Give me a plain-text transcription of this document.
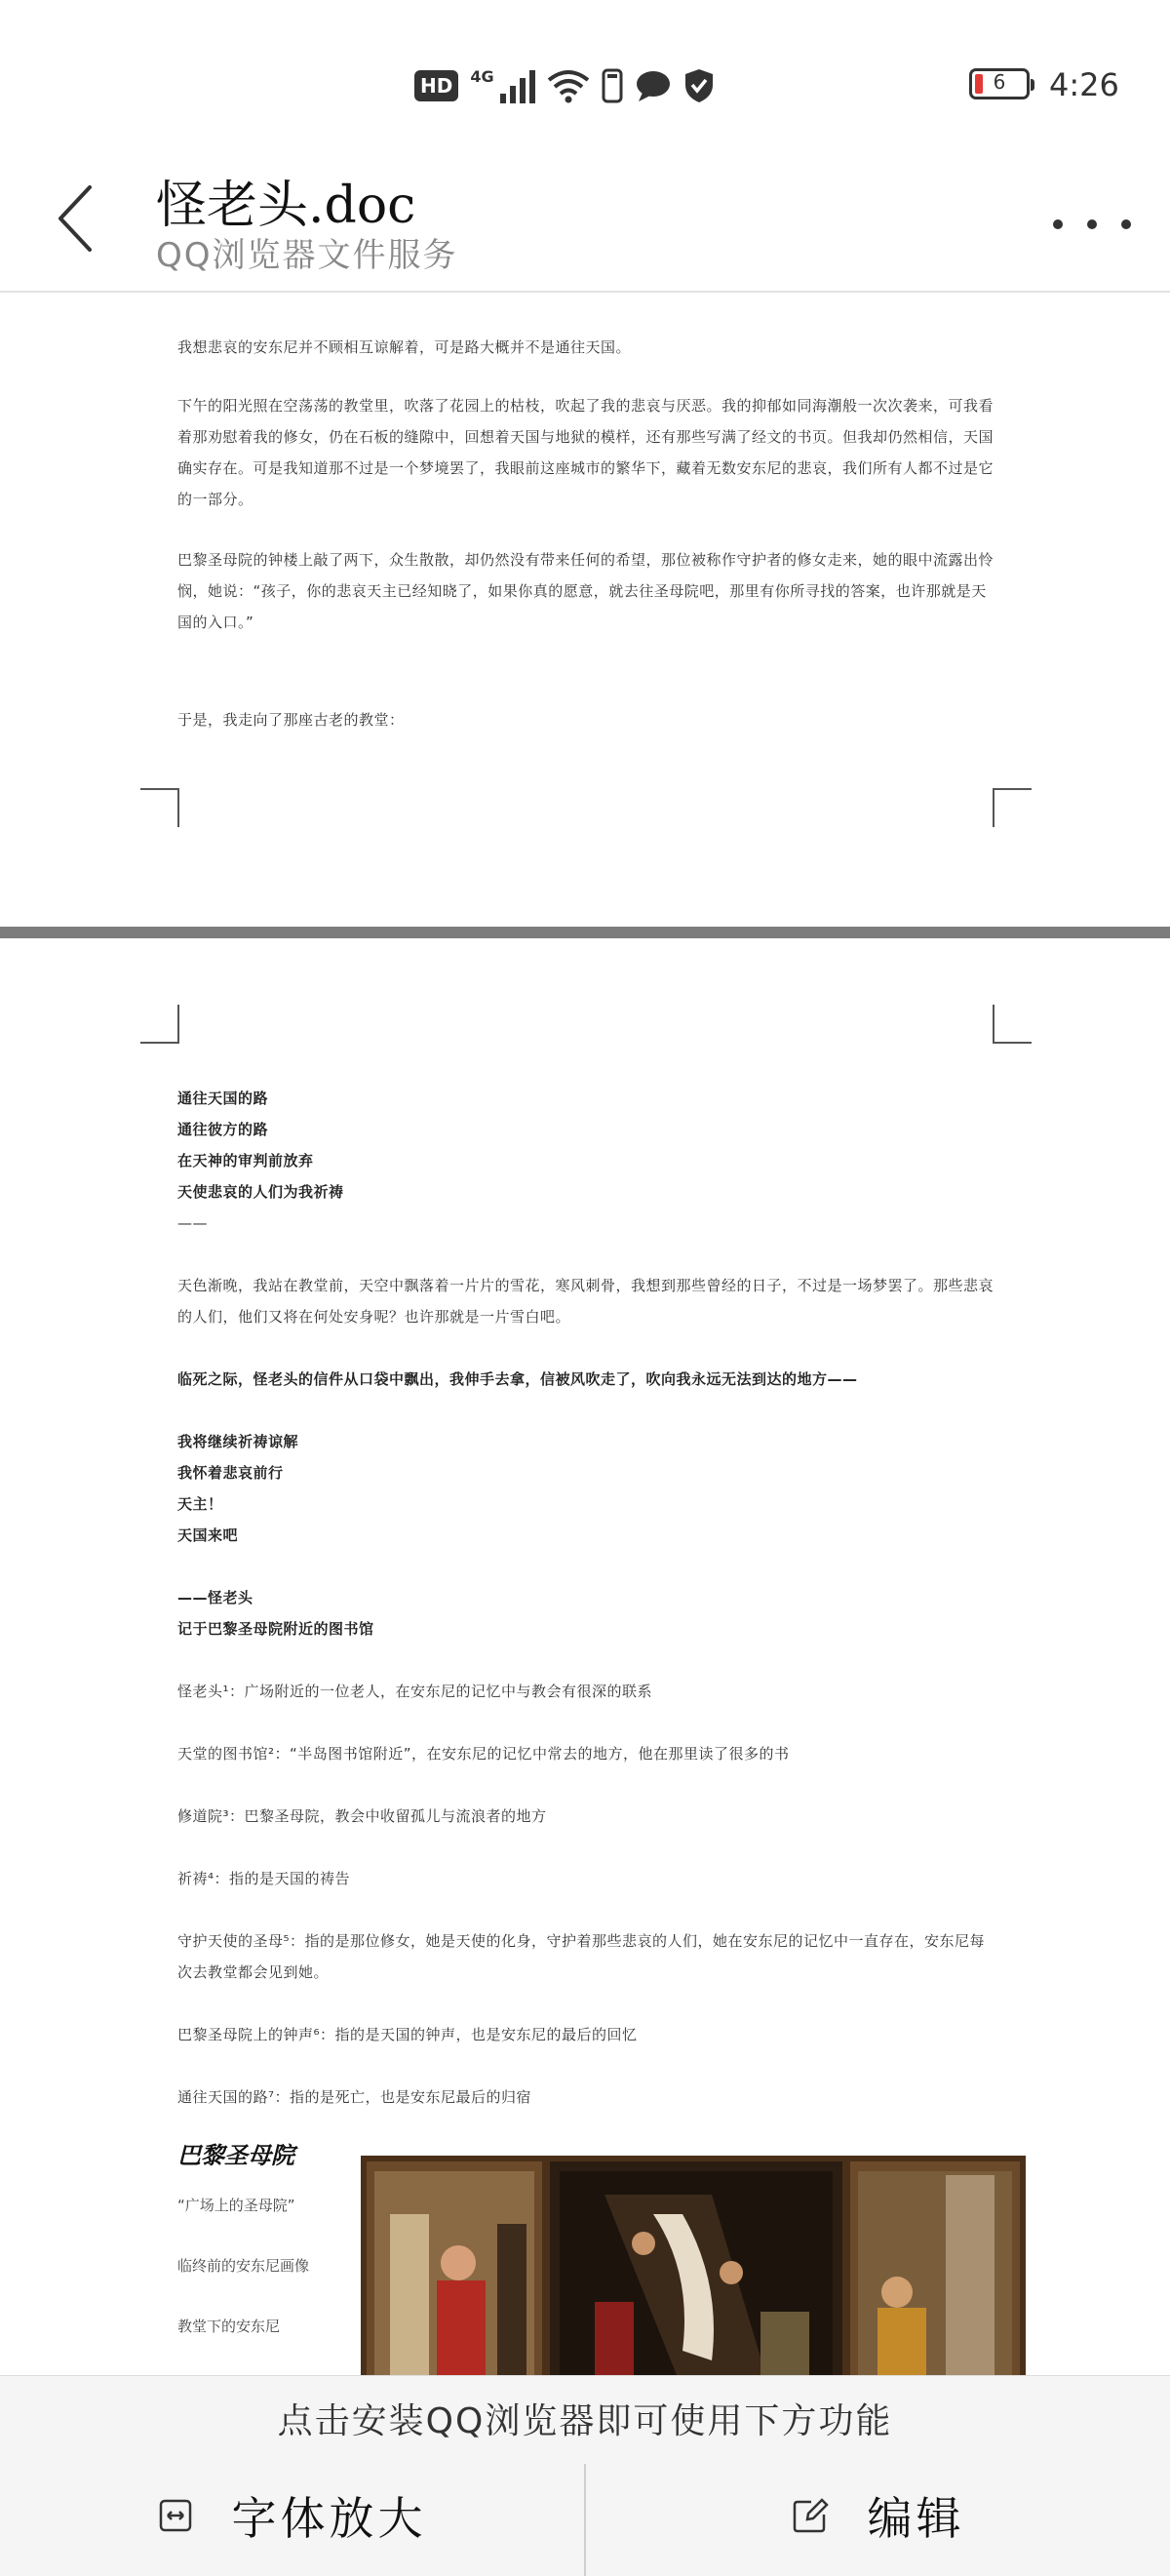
HD	4G	6	4:26
怪老头.doc
QQ浏览器文件服务
我想悲哀的安东尼并不顾相互谅解着，可是路大概并不是通往天国。
下午的阳光照在空荡荡的教堂里，吹落了花园上的枯枝，吹起了我的悲哀与厌恶。我的抑郁如同海潮般一次次袭来，可我看着那劝慰着我的修女，仍在石板的缝隙中，回想着天国与地狱的模样，还有那些写满了经文的书页。但我却仍然相信，天国确实存在。可是我知道那不过是一个梦境罢了，我眼前这座城市的繁华下，藏着无数安东尼的悲哀，我们所有人都不过是它的一部分。
巴黎圣母院的钟楼上敲了两下，众生散散，却仍然没有带来任何的希望，那位被称作守护者的修女走来，她的眼中流露出怜悯，她说：“孩子，你的悲哀天主已经知晓了，如果你真的愿意，就去往圣母院吧，那里有你所寻找的答案，也许那就是天国的入口。”
于是，我走向了那座古老的教堂：
通往天国的路
通往彼方的路
在天神的审判前放弃
天使悲哀的人们为我祈祷
——
天色渐晚，我站在教堂前，天空中飘落着一片片的雪花，寒风刺骨，我想到那些曾经的日子，不过是一场梦罢了。那些悲哀的人们，他们又将在何处安身呢？也许那就是一片雪白吧。
临死之际，怪老头的信件从口袋中飘出，我伸手去拿，信被风吹走了，吹向我永远无法到达的地方——
我将继续祈祷谅解
我怀着悲哀前行
天主！
天国来吧
——怪老头
记于巴黎圣母院附近的图书馆
怪老头¹：广场附近的一位老人，在安东尼的记忆中与教会有很深的联系
天堂的图书馆²：“半岛图书馆附近”，在安东尼的记忆中常去的地方，他在那里读了很多的书
修道院³：巴黎圣母院，教会中收留孤儿与流浪者的地方
祈祷⁴：指的是天国的祷告
守护天使的圣母⁵：指的是那位修女，她是天使的化身，守护着那些悲哀的人们，她在安东尼的记忆中一直存在，安东尼每次去教堂都会见到她。
巴黎圣母院上的钟声⁶：指的是天国的钟声，也是安东尼的最后的回忆
通往天国的路⁷：指的是死亡，也是安东尼最后的归宿
巴黎圣母院
“广场上的圣母院”
临终前的安东尼画像
教堂下的安东尼
点击安装QQ浏览器即可使用下方功能
字体放大	编辑
